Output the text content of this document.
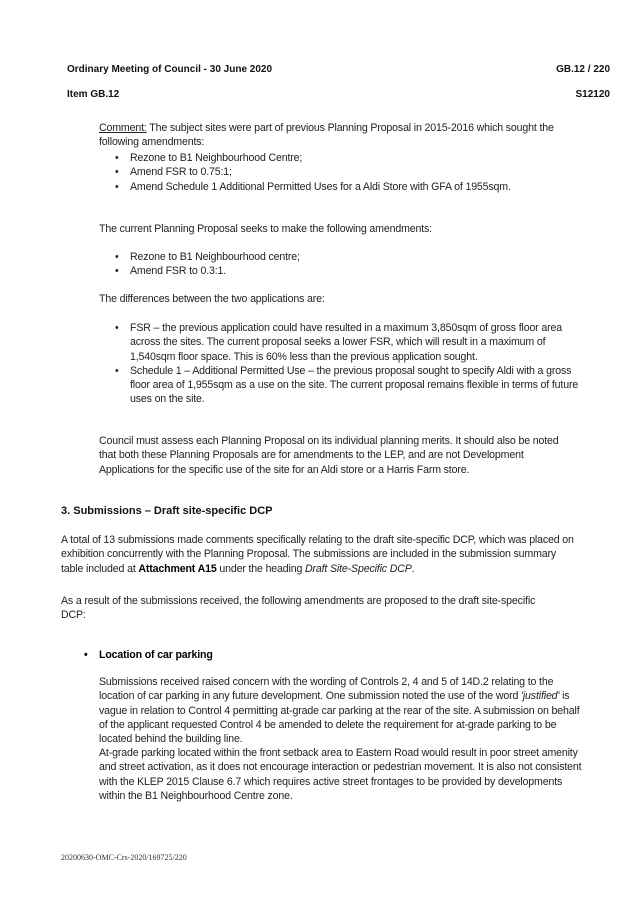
Ordinary Meeting of Council - 30 June 2020	GB.12 / 220
Item GB.12	S12120

Comment: The subject sites were part of previous Planning Proposal in 2015-2016 which sought the following amendments:

• Rezone to B1 Neighbourhood Centre;
• Amend FSR to 0.75:1;
• Amend Schedule 1 Additional Permitted Uses for a Aldi Store with GFA of 1955sqm.

The current Planning Proposal seeks to make the following amendments:

• Rezone to B1 Neighbourhood centre;
• Amend FSR to 0.3:1.

The differences between the two applications are:

• FSR – the previous application could have resulted in a maximum 3,850sqm of gross floor area across the sites. The current proposal seeks a lower FSR, which will result in a maximum of 1,540sqm floor space. This is 60% less than the previous application sought.
• Schedule 1 – Additional Permitted Use – the previous proposal sought to specify Aldi with a gross floor area of 1,955sqm as a use on the site. The current proposal remains flexible in terms of future uses on the site.

Council must assess each Planning Proposal on its individual planning merits. It should also be noted that both these Planning Proposals are for amendments to the LEP, and are not Development Applications for the specific use of the site for an Aldi store or a Harris Farm store.

3. Submissions – Draft site-specific DCP

A total of 13 submissions made comments specifically relating to the draft site-specific DCP, which was placed on exhibition concurrently with the Planning Proposal. The submissions are included in the submission summary table included at Attachment A15 under the heading Draft Site-Specific DCP.

As a result of the submissions received, the following amendments are proposed to the draft site-specific DCP:

• Location of car parking

Submissions received raised concern with the wording of Controls 2, 4 and 5 of 14D.2 relating to the location of car parking in any future development. One submission noted the use of the word 'justified' is vague in relation to Control 4 permitting at-grade car parking at the rear of the site. A submission on behalf of the applicant requested Control 4 be amended to delete the requirement for at-grade parking to be located behind the building line.

At-grade parking located within the front setback area to Eastern Road would result in poor street amenity and street activation, as it does not encourage interaction or pedestrian movement. It is also not consistent with the KLEP 2015 Clause 6.7 which requires active street frontages to be provided by developments within the B1 Neighbourhood Centre zone.

20200630-OMC-Crs-2020/169725/220
